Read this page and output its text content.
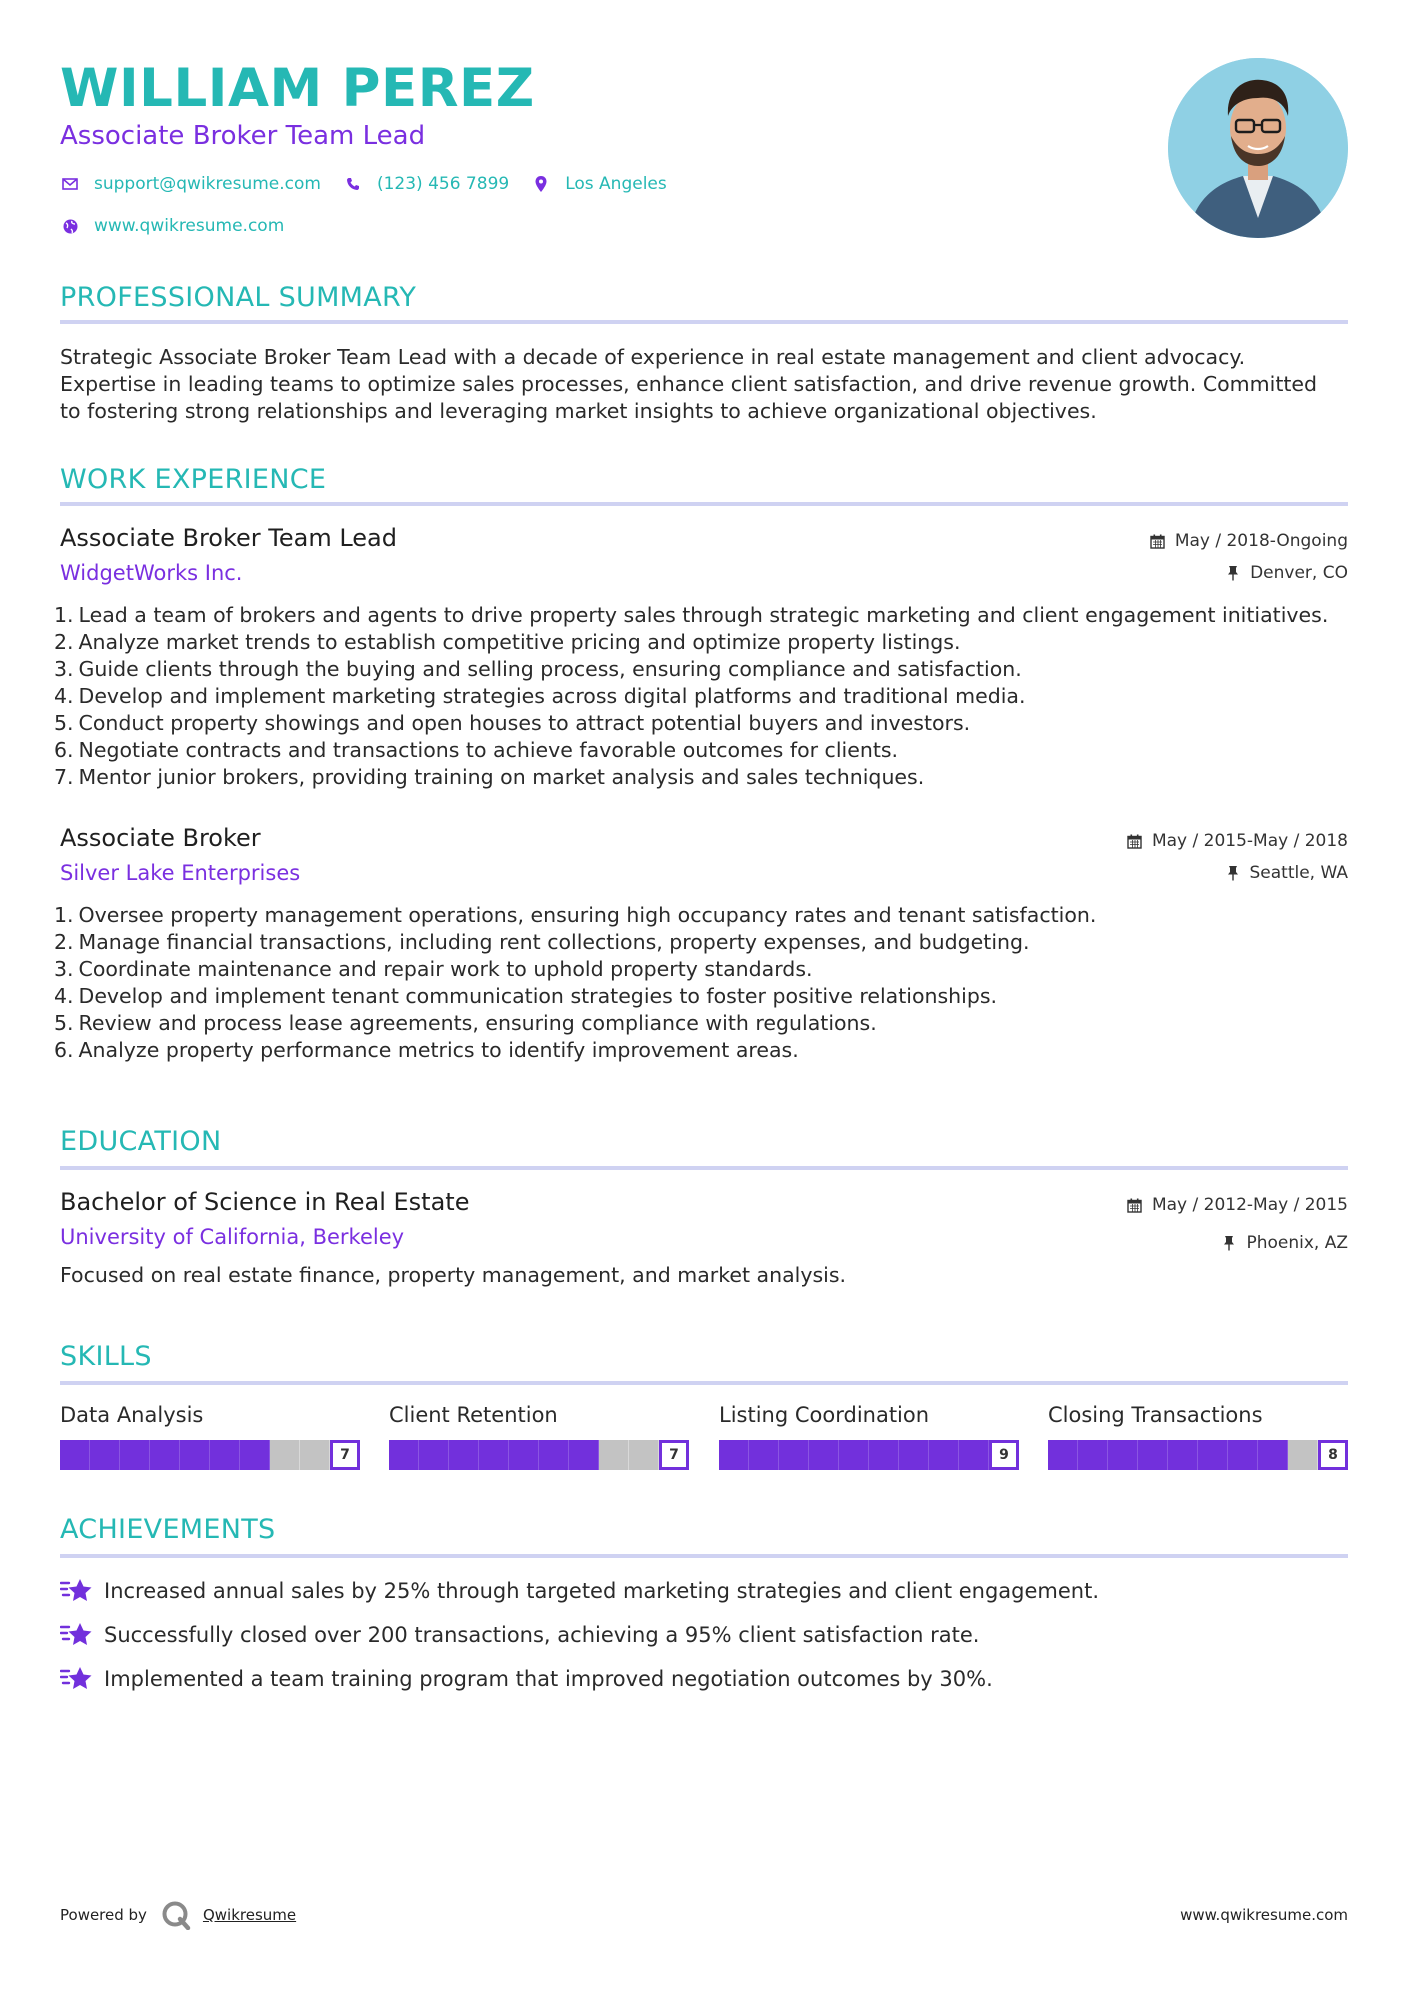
WILLIAM PEREZ
Associate Broker Team Lead
support@qwikresume.com	(123) 456 7899	Los Angeles
www.qwikresume.com
PROFESSIONAL SUMMARY
Strategic Associate Broker Team Lead with a decade of experience in real estate management and client advocacy.
Expertise in leading teams to optimize sales processes, enhance client satisfaction, and drive revenue growth. Committed
to fostering strong relationships and leveraging market insights to achieve organizational objectives.
WORK EXPERIENCE
Associate Broker Team Lead	May / 2018-Ongoing
WidgetWorks Inc.	Denver, CO
1.
Lead a team of brokers and agents to drive property sales through strategic marketing and client engagement initiatives.
2.
Analyze market trends to establish competitive pricing and optimize property listings.
3.
Guide clients through the buying and selling process, ensuring compliance and satisfaction.
4.
Develop and implement marketing strategies across digital platforms and traditional media.
5.
Conduct property showings and open houses to attract potential buyers and investors.
6.
Negotiate contracts and transactions to achieve favorable outcomes for clients.
7.
Mentor junior brokers, providing training on market analysis and sales techniques.
Associate Broker	May / 2015-May / 2018
Silver Lake Enterprises	Seattle, WA
1.
Oversee property management operations, ensuring high occupancy rates and tenant satisfaction.
2.
Manage financial transactions, including rent collections, property expenses, and budgeting.
3.
Coordinate maintenance and repair work to uphold property standards.
4.
Develop and implement tenant communication strategies to foster positive relationships.
5.
Review and process lease agreements, ensuring compliance with regulations.
6.
Analyze property performance metrics to identify improvement areas.
EDUCATION
Bachelor of Science in Real Estate	May / 2012-May / 2015
University of California, Berkeley	Phoenix, AZ
Focused on real estate finance, property management, and market analysis.
SKILLS
Data Analysis
7
Client Retention
7
Listing Coordination
9
Closing Transactions
8
ACHIEVEMENTS
Increased annual sales by 25% through targeted marketing strategies and client engagement.
Successfully closed over 200 transactions, achieving a 95% client satisfaction rate.
Implemented a team training program that improved negotiation outcomes by 30%.
Powered by	Qwikresume	www.qwikresume.com
